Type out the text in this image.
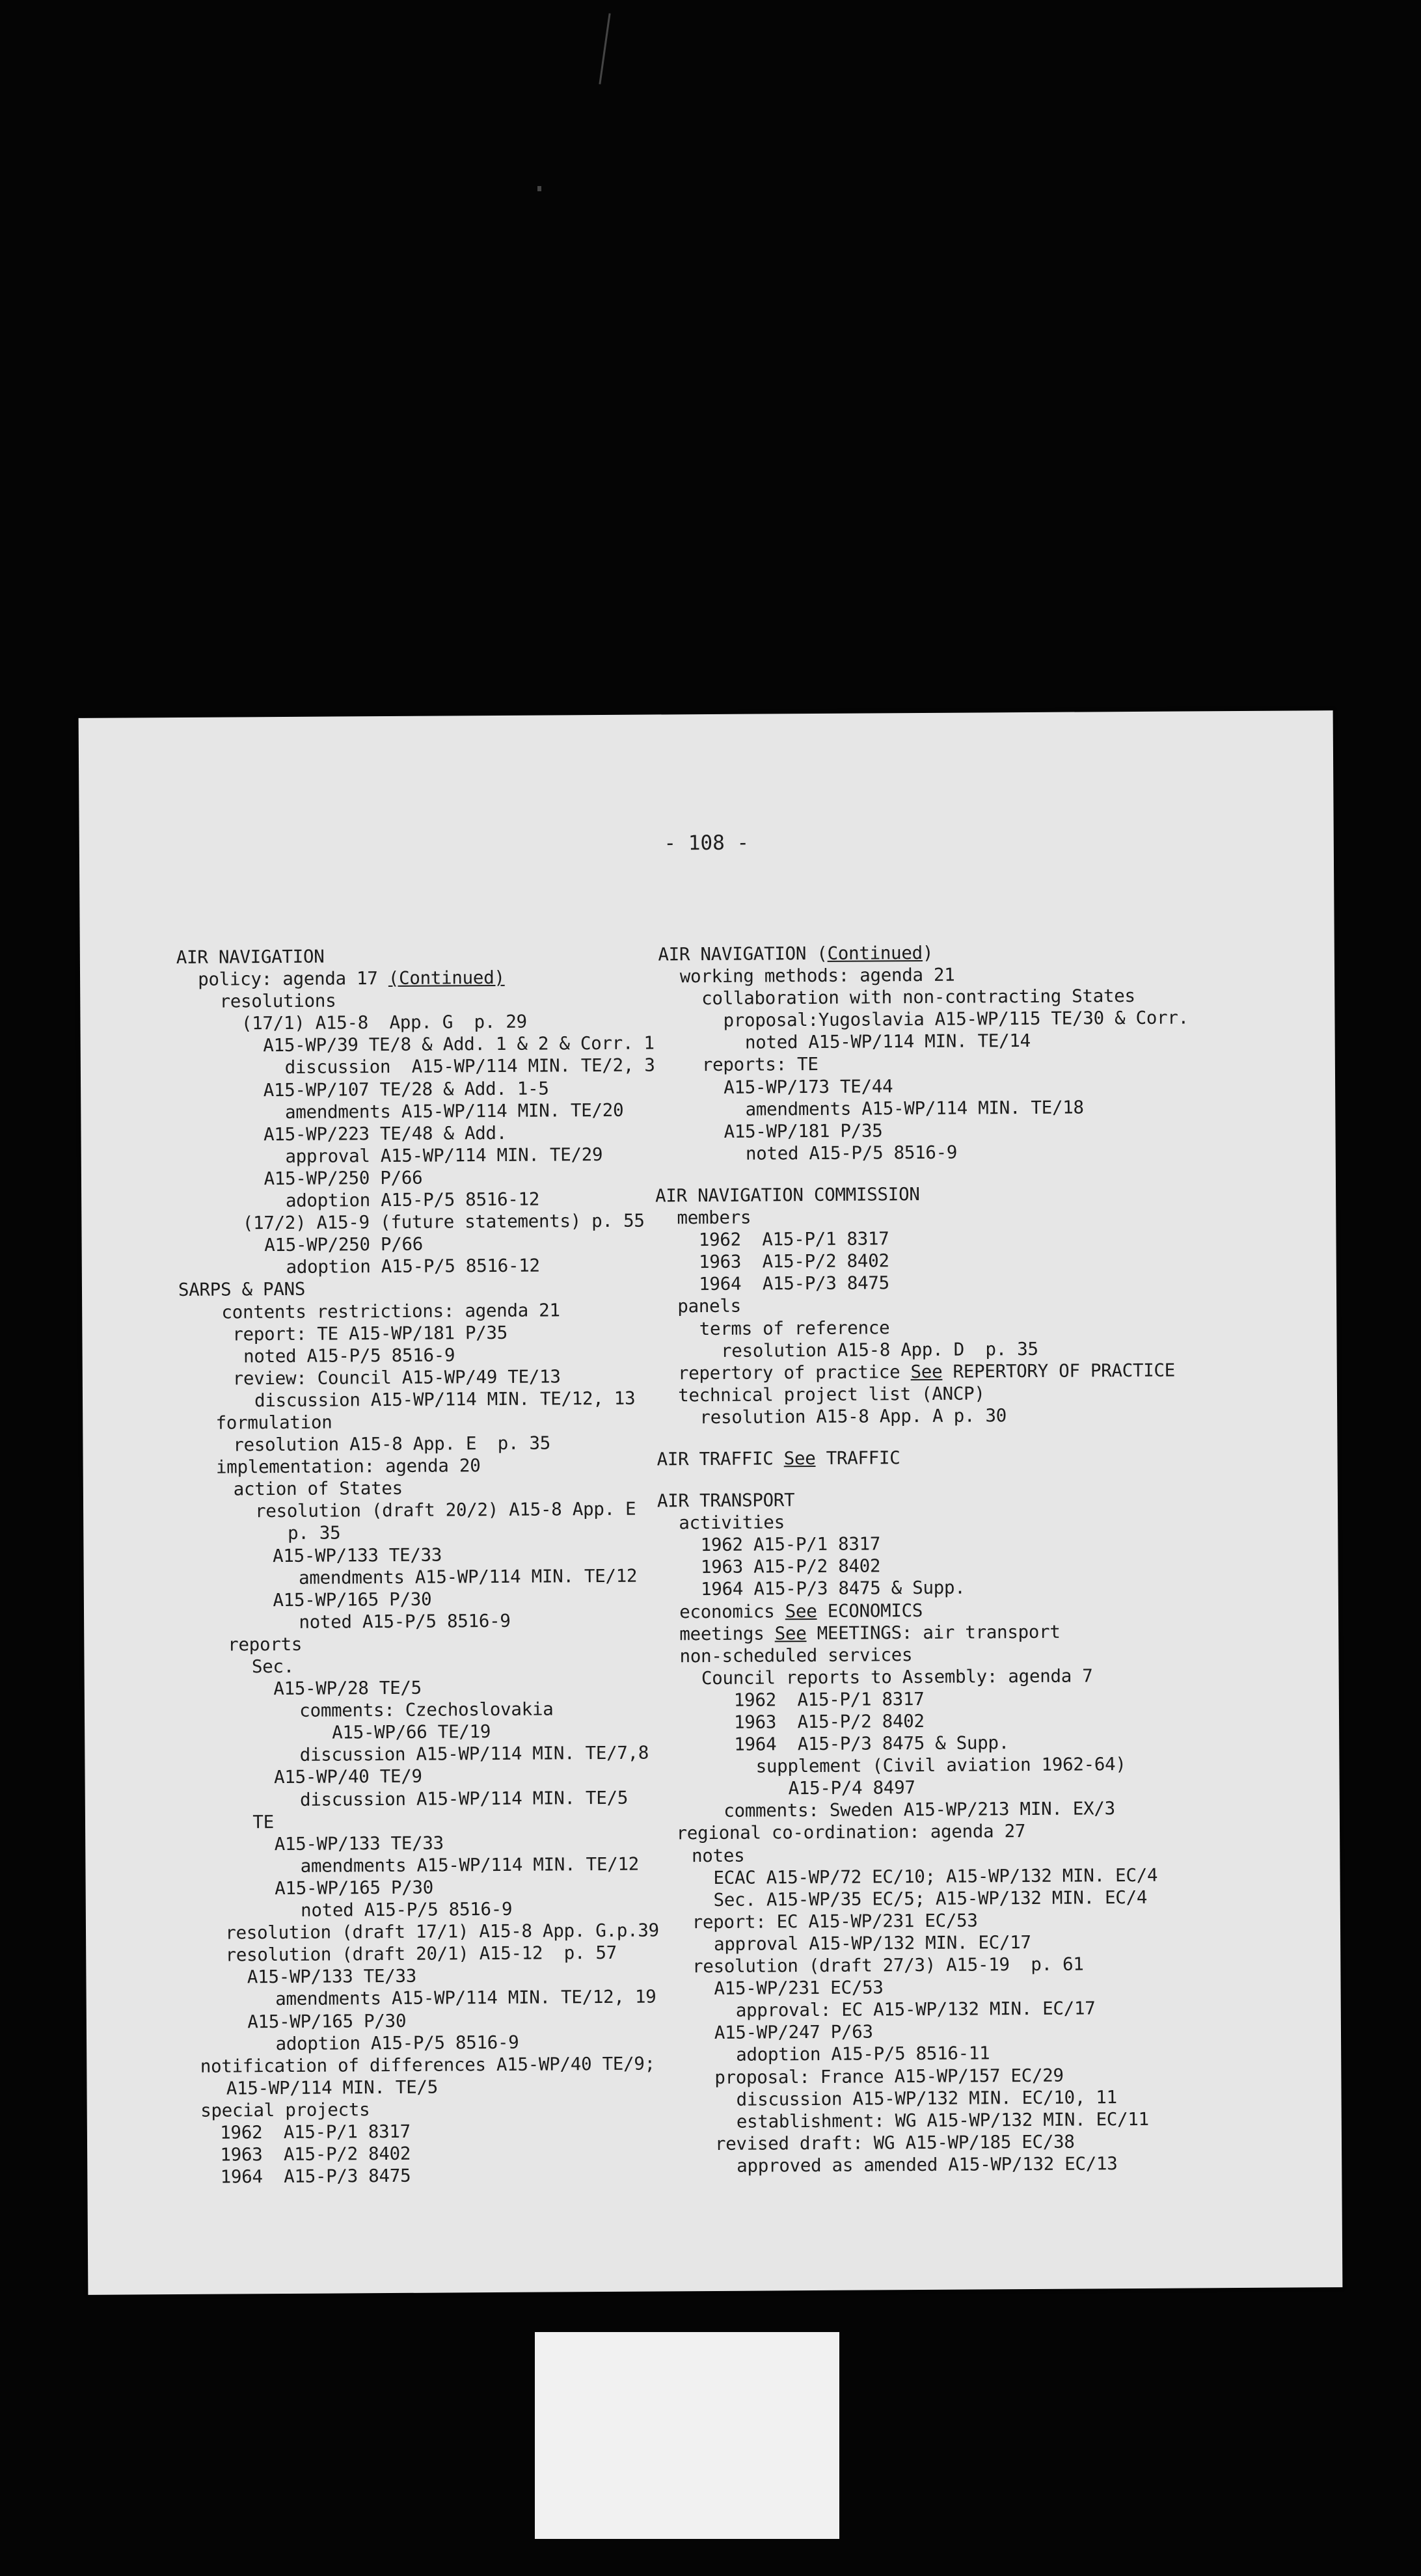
- 108 -
AIR NAVIGATION
policy: agenda 17 (Continued)
resolutions
(17/1) A15-8  App. G  p. 29
A15-WP/39 TE/8 & Add. 1 & 2 & Corr. 1
discussion  A15-WP/114 MIN. TE/2, 3
A15-WP/107 TE/28 & Add. 1-5
amendments A15-WP/114 MIN. TE/20
A15-WP/223 TE/48 & Add.
approval A15-WP/114 MIN. TE/29
A15-WP/250 P/66
adoption A15-P/5 8516-12
(17/2) A15-9 (future statements) p. 55
A15-WP/250 P/66
adoption A15-P/5 8516-12
SARPS & PANS
contents restrictions: agenda 21
report: TE A15-WP/181 P/35
noted A15-P/5 8516-9
review: Council A15-WP/49 TE/13
discussion A15-WP/114 MIN. TE/12, 13
formulation
resolution A15-8 App. E  p. 35
implementation: agenda 20
action of States
resolution (draft 20/2) A15-8 App. E
p. 35
A15-WP/133 TE/33
amendments A15-WP/114 MIN. TE/12
A15-WP/165 P/30
noted A15-P/5 8516-9
reports
Sec.
A15-WP/28 TE/5
comments: Czechoslovakia
A15-WP/66 TE/19
discussion A15-WP/114 MIN. TE/7,8
A15-WP/40 TE/9
discussion A15-WP/114 MIN. TE/5
TE
A15-WP/133 TE/33
amendments A15-WP/114 MIN. TE/12
A15-WP/165 P/30
noted A15-P/5 8516-9
resolution (draft 17/1) A15-8 App. G.p.39
resolution (draft 20/1) A15-12  p. 57
A15-WP/133 TE/33
amendments A15-WP/114 MIN. TE/12, 19
A15-WP/165 P/30
adoption A15-P/5 8516-9
notification of differences A15-WP/40 TE/9;
A15-WP/114 MIN. TE/5
special projects
1962  A15-P/1 8317
1963  A15-P/2 8402
1964  A15-P/3 8475
AIR NAVIGATION (Continued)
working methods: agenda 21
collaboration with non-contracting States
proposal:Yugoslavia A15-WP/115 TE/30 & Corr.
noted A15-WP/114 MIN. TE/14
reports: TE
A15-WP/173 TE/44
amendments A15-WP/114 MIN. TE/18
A15-WP/181 P/35
noted A15-P/5 8516-9
AIR NAVIGATION COMMISSION
members
1962  A15-P/1 8317
1963  A15-P/2 8402
1964  A15-P/3 8475
panels
terms of reference
resolution A15-8 App. D  p. 35
repertory of practice See REPERTORY OF PRACTICE
technical project list (ANCP)
resolution A15-8 App. A p. 30
AIR TRAFFIC See TRAFFIC
AIR TRANSPORT
activities
1962 A15-P/1 8317
1963 A15-P/2 8402
1964 A15-P/3 8475 & Supp.
economics See ECONOMICS
meetings See MEETINGS: air transport
non-scheduled services
Council reports to Assembly: agenda 7
1962  A15-P/1 8317
1963  A15-P/2 8402
1964  A15-P/3 8475 & Supp.
supplement (Civil aviation 1962-64)
A15-P/4 8497
comments: Sweden A15-WP/213 MIN. EX/3
regional co-ordination: agenda 27
notes
ECAC A15-WP/72 EC/10; A15-WP/132 MIN. EC/4
Sec. A15-WP/35 EC/5; A15-WP/132 MIN. EC/4
report: EC A15-WP/231 EC/53
approval A15-WP/132 MIN. EC/17
resolution (draft 27/3) A15-19  p. 61
A15-WP/231 EC/53
approval: EC A15-WP/132 MIN. EC/17
A15-WP/247 P/63
adoption A15-P/5 8516-11
proposal: France A15-WP/157 EC/29
discussion A15-WP/132 MIN. EC/10, 11
establishment: WG A15-WP/132 MIN. EC/11
revised draft: WG A15-WP/185 EC/38
approved as amended A15-WP/132 EC/13
